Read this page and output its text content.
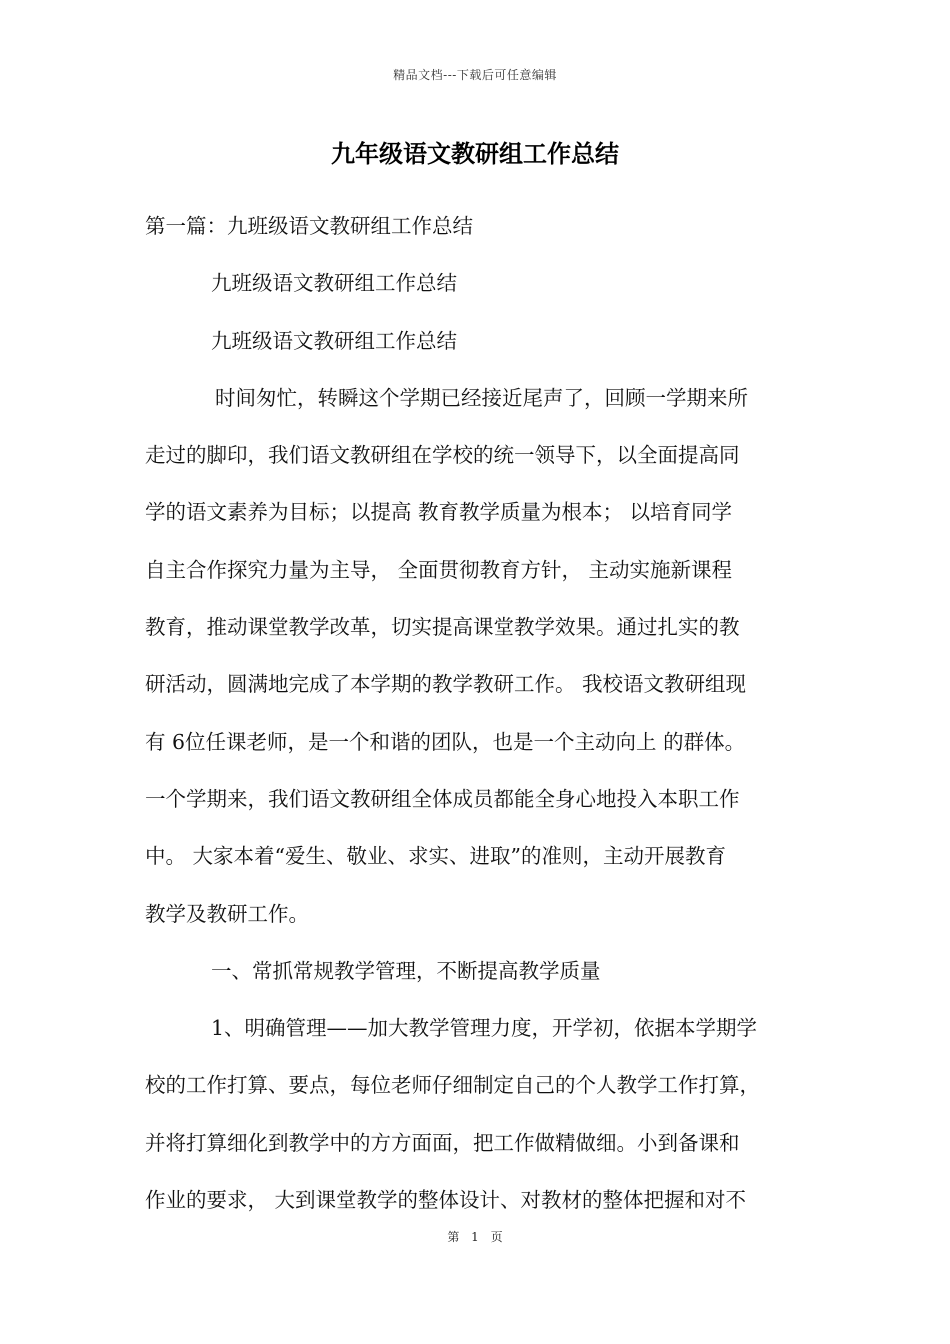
精品文档---下载后可任意编辑
九年级语文教研组工作总结
第一篇：九班级语文教研组工作总结
九班级语文教研组工作总结
九班级语文教研组工作总结
时间匆忙，转瞬这个学期已经接近尾声了，回顾一学期来所
走过的脚印，我们语文教研组在学校的统一领导下，以全面提高同
学的语文素养为目标；以提高 教育教学质量为根本； 以培育同学
自主合作探究力量为主导， 全面贯彻教育方针， 主动实施新课程
教育，推动课堂教学改革，切实提高课堂教学效果。通过扎实的教
研活动，圆满地完成了本学期的教学教研工作。 我校语文教研组现
有 6位任课老师，是一个和谐的团队，也是一个主动向上 的群体。
一个学期来，我们语文教研组全体成员都能全身心地投入本职工作
中。 大家本着“爱生、敬业、求实、进取”的准则，主动开展教育
教学及教研工作。
一、常抓常规教学管理，不断提高教学质量
1、明确管理——加大教学管理力度，开学初，依据本学期学
校的工作打算、要点，每位老师仔细制定自己的个人教学工作打算，
并将打算细化到教学中的方方面面，把工作做精做细。小到备课和
作业的要求， 大到课堂教学的整体设计、对教材的整体把握和对不
第 1 页
